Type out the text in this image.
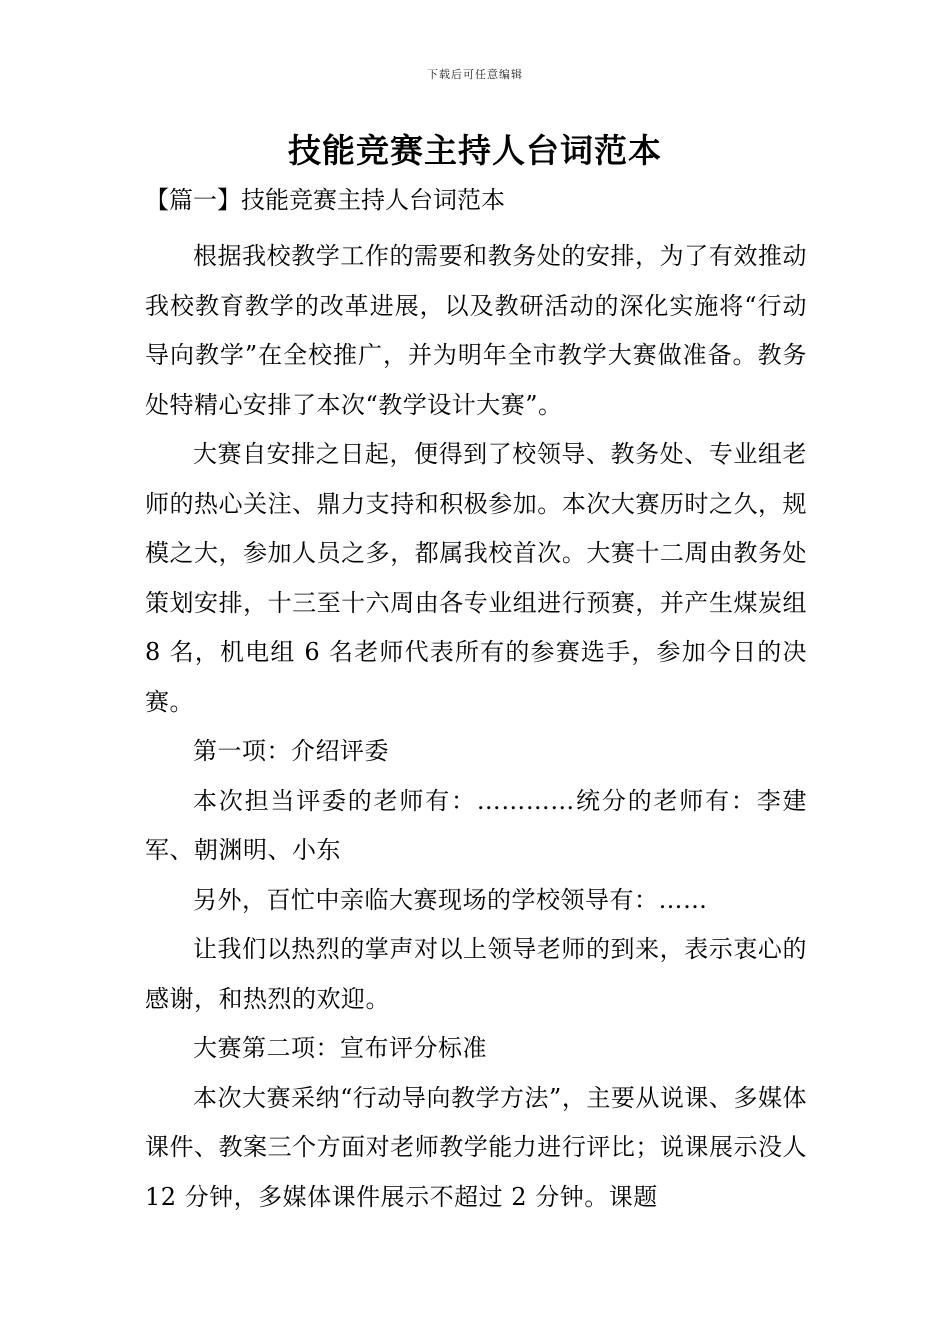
下载后可任意编辑
技能竞赛主持人台词范本

【篇一】技能竞赛主持人台词范本

根据我校教学工作的需要和教务处的安排，为了有效推动我校教育教学的改革进展，以及教研活动的深化实施将“行动导向教学”在全校推广，并为明年全市教学大赛做准备。教务处特精心安排了本次“教学设计大赛”。

大赛自安排之日起，便得到了校领导、教务处、专业组老师的热心关注、鼎力支持和积极参加。本次大赛历时之久，规模之大，参加人员之多，都属我校首次。大赛十二周由教务处策划安排，十三至十六周由各专业组进行预赛，并产生煤炭组 8 名，机电组 6 名老师代表所有的参赛选手，参加今日的决赛。

第一项：介绍评委

本次担当评委的老师有：…………统分的老师有：李建军、朝渊明、小东

另外，百忙中亲临大赛现场的学校领导有：……

让我们以热烈的掌声对以上领导老师的到来，表示衷心的感谢，和热烈的欢迎。

大赛第二项：宣布评分标准

本次大赛采纳“行动导向教学方法”，主要从说课、多媒体课件、教案三个方面对老师教学能力进行评比；说课展示没人 12 分钟，多媒体课件展示不超过 2 分钟。课题
